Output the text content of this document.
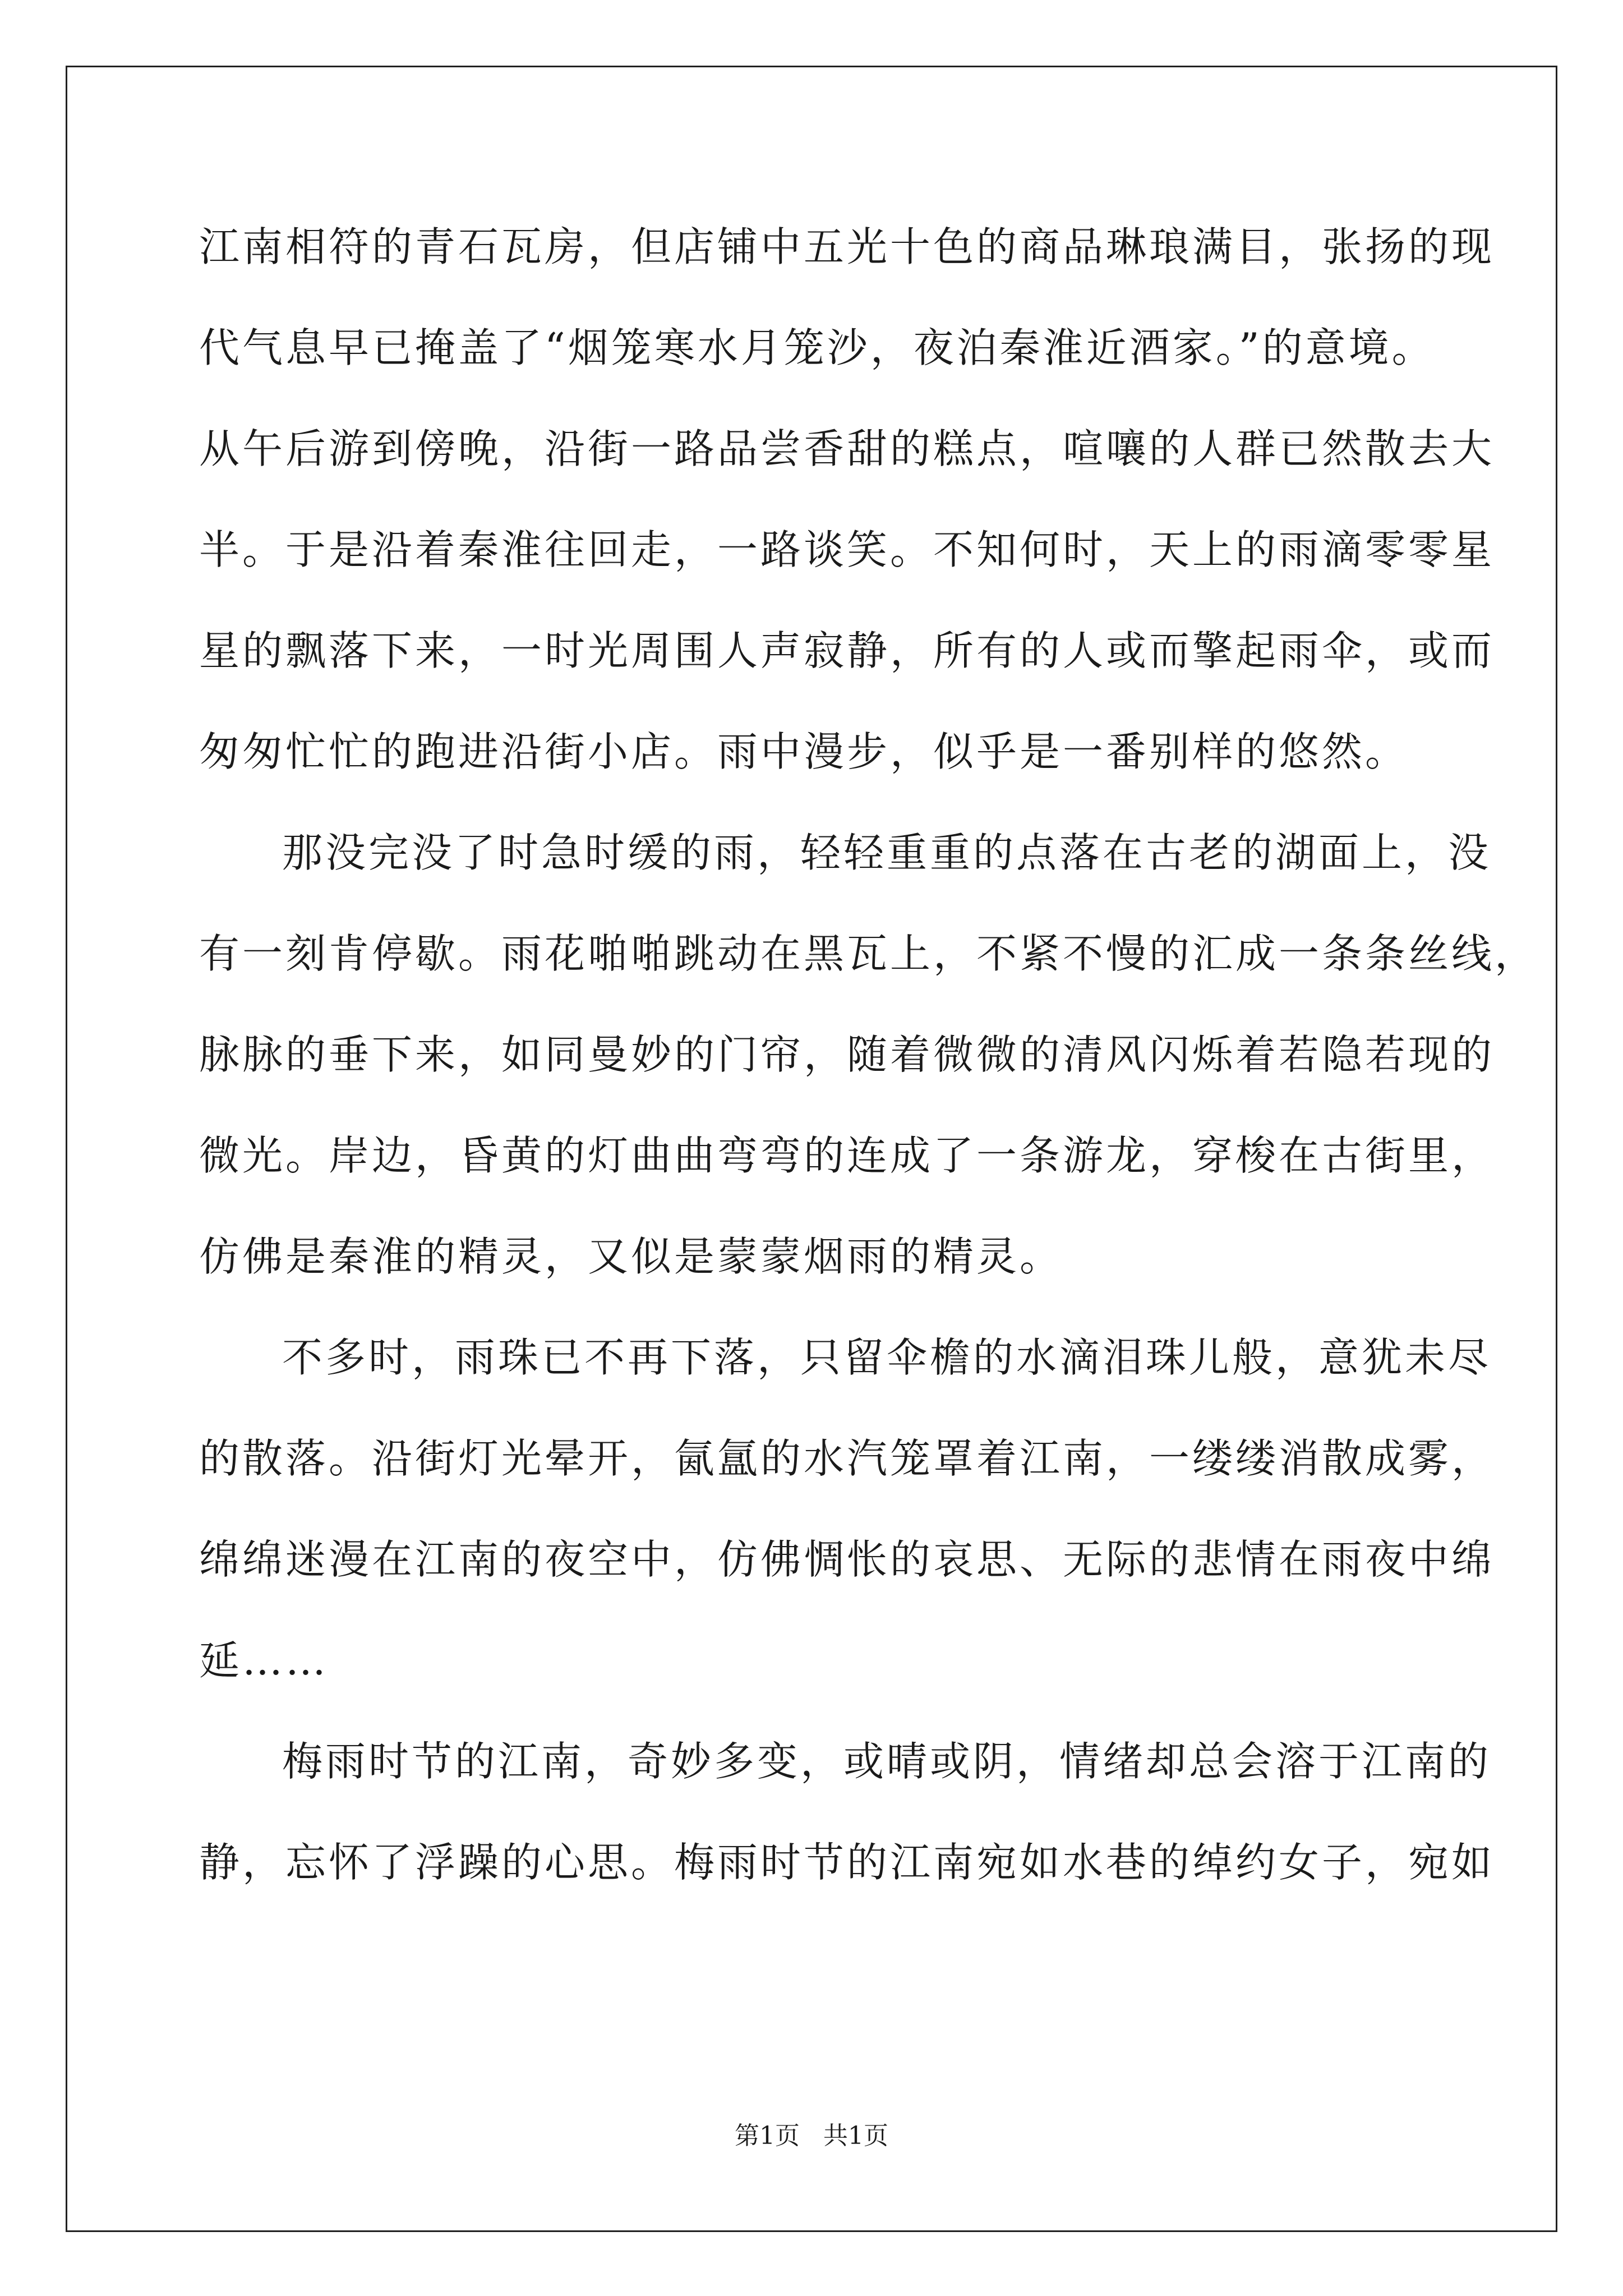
江南相符的青石瓦房，但店铺中五光十色的商品琳琅满目，张扬的现
代气息早已掩盖了“烟笼寒水月笼沙，夜泊秦淮近酒家。”的意境。
从午后游到傍晚，沿街一路品尝香甜的糕点，喧嚷的人群已然散去大
半。于是沿着秦淮往回走，一路谈笑。不知何时，天上的雨滴零零星
星的飘落下来，一时光周围人声寂静，所有的人或而擎起雨伞，或而
匆匆忙忙的跑进沿街小店。雨中漫步，似乎是一番别样的悠然。
那没完没了时急时缓的雨，轻轻重重的点落在古老的湖面上，没
有一刻肯停歇。雨花啪啪跳动在黑瓦上，不紧不慢的汇成一条条丝线，
脉脉的垂下来，如同曼妙的门帘，随着微微的清风闪烁着若隐若现的
微光。岸边，昏黄的灯曲曲弯弯的连成了一条游龙，穿梭在古街里，
仿佛是秦淮的精灵，又似是蒙蒙烟雨的精灵。
不多时，雨珠已不再下落，只留伞檐的水滴泪珠儿般，意犹未尽
的散落。沿街灯光晕开，氤氲的水汽笼罩着江南，一缕缕消散成雾，
绵绵迷漫在江南的夜空中，仿佛惆怅的哀思、无际的悲情在雨夜中绵
延……
梅雨时节的江南，奇妙多变，或晴或阴，情绪却总会溶于江南的
静，忘怀了浮躁的心思。梅雨时节的江南宛如水巷的绰约女子，宛如
第1页   共1页
